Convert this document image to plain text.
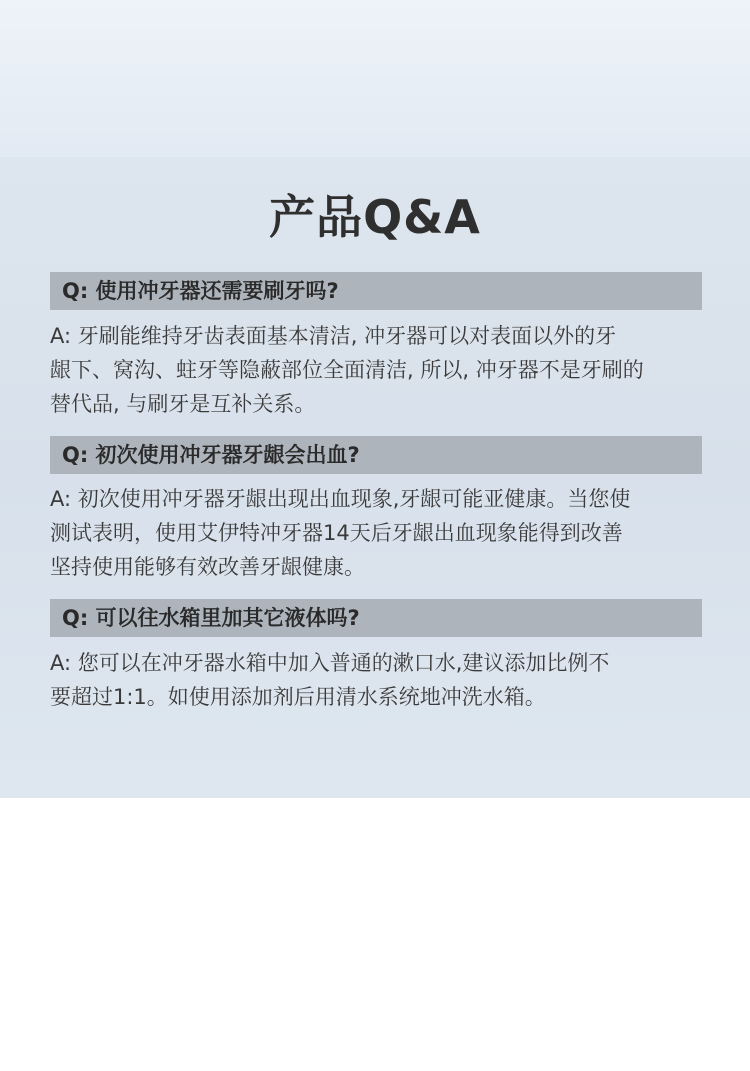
产品Q&A
Q: 使用冲牙器还需要刷牙吗?
A: 牙刷能维持牙齿表面基本清洁, 冲牙器可以对表面以外的牙
龈下、窝沟、蛀牙等隐蔽部位全面清洁, 所以, 冲牙器不是牙刷的
替代品, 与刷牙是互补关系。
Q: 初次使用冲牙器牙龈会出血?
A: 初次使用冲牙器牙龈出现出血现象,牙龈可能亚健康。当您使
测试表明，使用艾伊特冲牙器14天后牙龈出血现象能得到改善
坚持使用能够有效改善牙龈健康。
Q: 可以往水箱里加其它液体吗?
A: 您可以在冲牙器水箱中加入普通的漱口水,建议添加比例不
要超过1:1。如使用添加剂后用清水系统地冲洗水箱。
